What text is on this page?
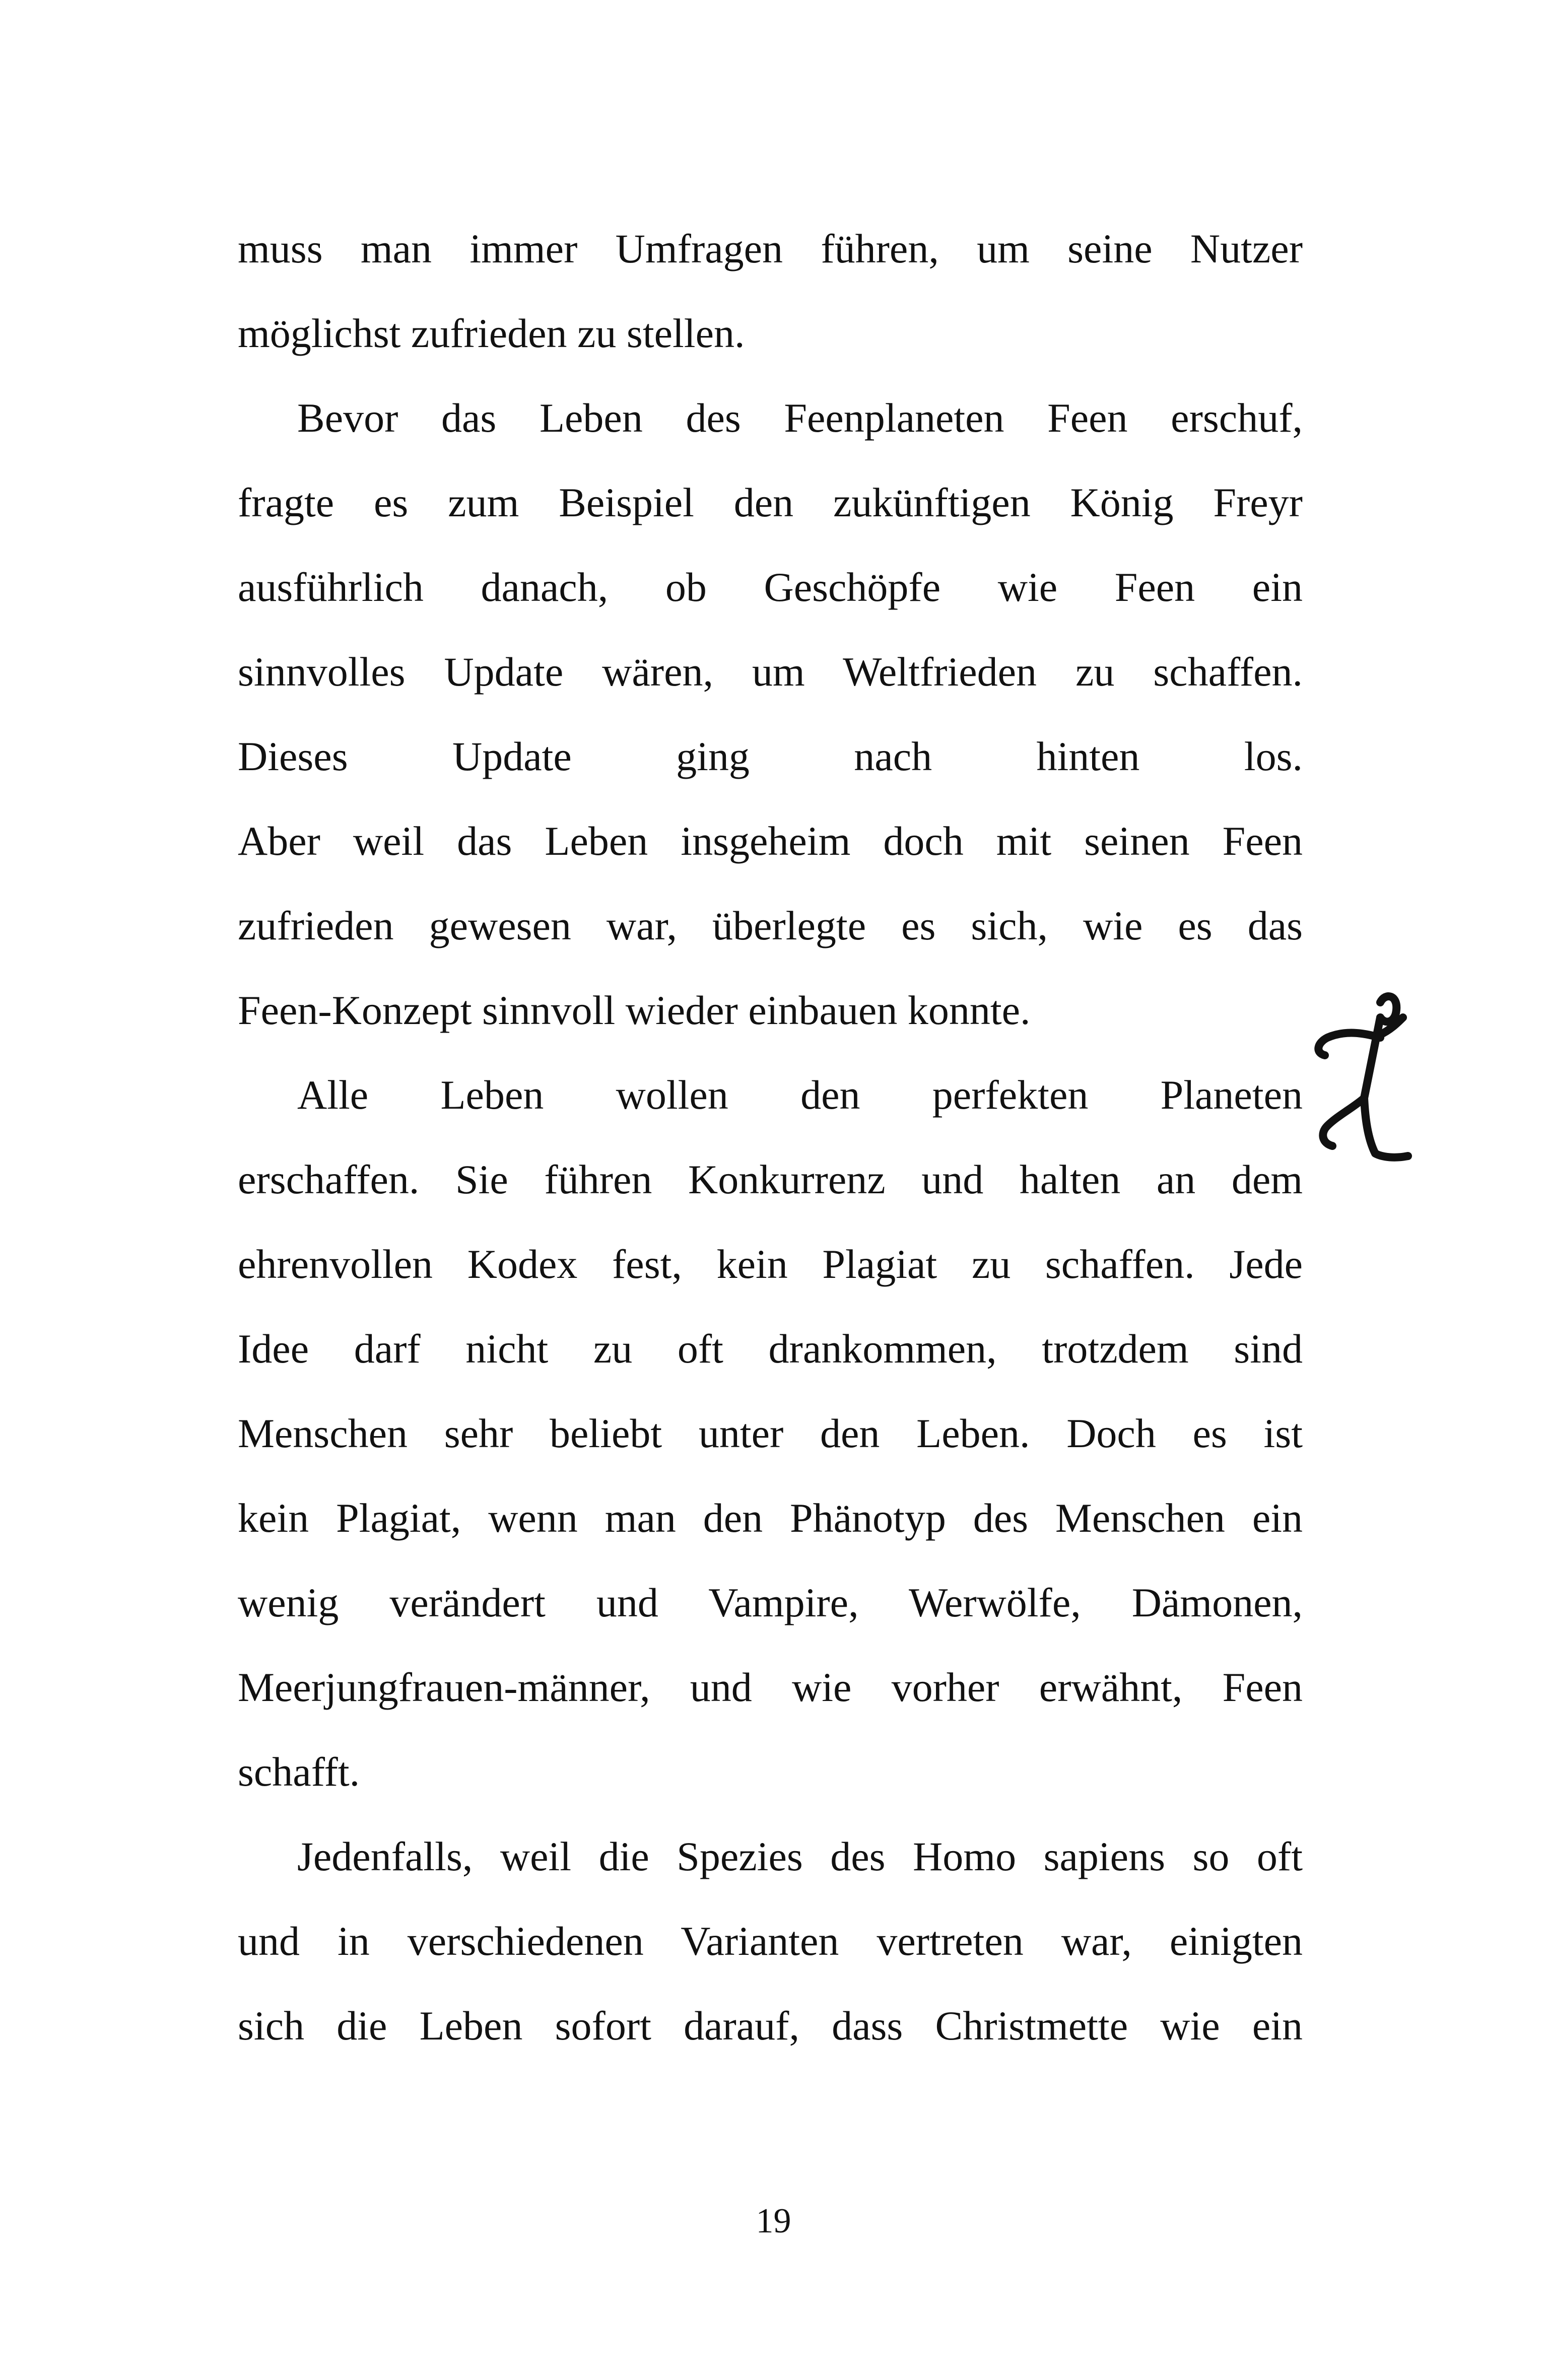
muss man immer Umfragen führen, um seine Nutzer
möglichst zufrieden zu stellen.
Bevor das Leben des Feenplaneten Feen erschuf,
fragte es zum Beispiel den zukünftigen König Freyr
ausführlich danach, ob Geschöpfe wie Feen ein
sinnvolles Update wären, um Weltfrieden zu schaffen.
Dieses Update ging nach hinten los.
Aber weil das Leben insgeheim doch mit seinen Feen
zufrieden gewesen war, überlegte es sich, wie es das
Feen-Konzept sinnvoll wieder einbauen konnte.
Alle Leben wollen den perfekten Planeten
erschaffen. Sie führen Konkurrenz und halten an dem
ehrenvollen Kodex fest, kein Plagiat zu schaffen. Jede
Idee darf nicht zu oft drankommen, trotzdem sind
Menschen sehr beliebt unter den Leben. Doch es ist
kein Plagiat, wenn man den Phänotyp des Menschen ein
wenig verändert und Vampire, Werwölfe, Dämonen,
Meerjungfrauen-männer, und wie vorher erwähnt, Feen
schafft.
Jedenfalls, weil die Spezies des Homo sapiens so oft
und in verschiedenen Varianten vertreten war, einigten
sich die Leben sofort darauf, dass Christmette wie ein
19
